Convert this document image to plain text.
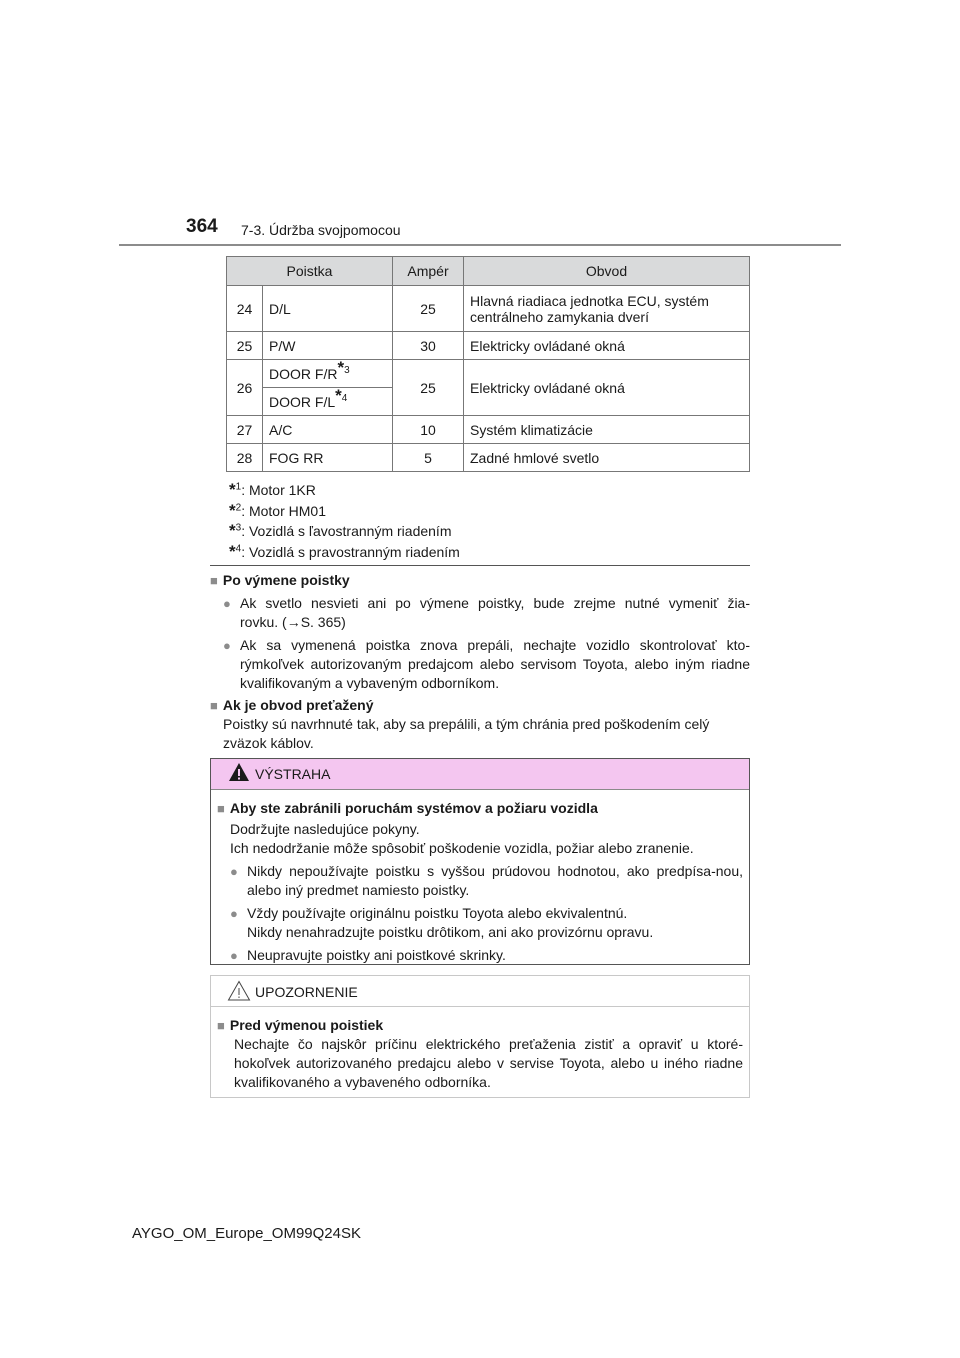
364 7-3. Údržba svojpomocou
Poistka		Ampér	Obvod
24	D/L	25	Hlavná riadiaca jednotka ECU, systém
centrálneho zamykania dverí

25	P/W	30	Elektricky ovládané okná
26	DOOR $F/R^{*3}$	25	Elektricky ovládané okná
	DOOR $F/L^{*4}$
27	A/C	10	Systém klimatizácie
28	FOG RR	5	Zadné hmlové svetlo
*$^1$: Motor 1KR
*$^2$: Motor HM01
*$^3$: Vozidlá s ľavostranným riadením
*$^4$: Vozidlá s pravostranným riadením
■ Po výmene poistky
● Ak svetlo nesvieti ani po výmene poistky, bude zrejme nutné vymeniť žia-
rovku. (→S. 365)
● Ak sa vymenená poistka znova prepáli, nechajte vozidlo skontrolovať kto-rýmkoľvek autorizovaným predajcom alebo servisom Toyota, alebo iným riadne kvalifikovaným a vybaveným odborníkom.
■ Ak je obvod preťažený
Poistky sú navrhnuté tak, aby sa prepálili, a tým chránia pred poškodením celý zväzok káblov.
VÝSTRAHA
■ Aby ste zabránili poruchám systémov a požiaru vozidla
Dodržujte nasledujúce pokyny.
Ich nedodržanie môže spôsobiť poškodenie vozidla, požiar alebo zranenie.
● Nikdy nepoužívajte poistku s vyššou prúdovou hodnotou, ako predpísa-nou, alebo iný predmet namiesto poistky.
● Vždy používajte originálnu poistku Toyota alebo ekvivalentnú.
Nikdy nenahradzujte poistku drôtikom, ani ako provizórnu opravu.
● Neupravujte poistky ani poistkové skrinky.
UPOZORNENIE
■ Pred výmenou poistiek
Nechajte čo najskôr príčinu elektrického preťaženia zistiť a opraviť u ktoré-hokoľvek autorizovaného predajcu alebo v servise Toyota, alebo u iného riadne kvalifikovaného a vybaveného odborníka.
AYGO_OM_Europe_OM99Q24SK
